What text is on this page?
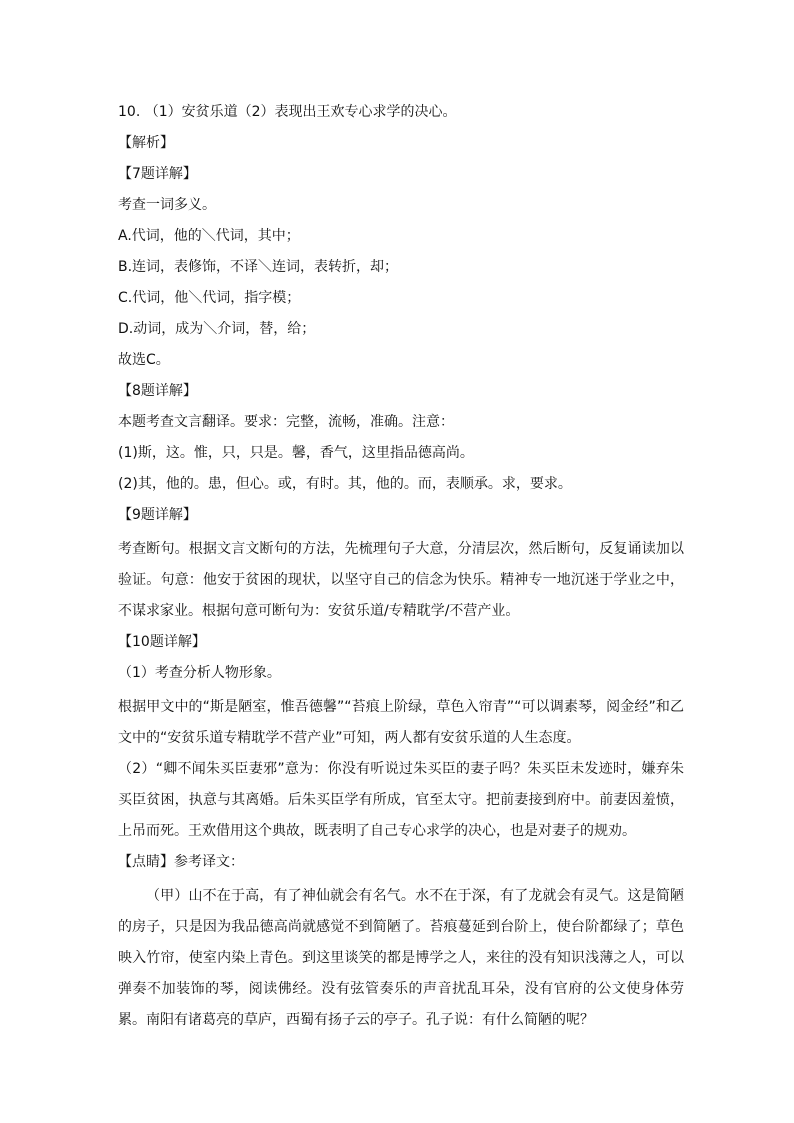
10. （1）安贫乐道（2）表现出王欢专心求学的决心。
【解析】
【7题详解】
考查一词多义。
A.代词，他的＼代词，其中；
B.连词，表修饰，不译＼连词，表转折，却；
C.代词，他＼代词，指字模；
D.动词，成为＼介词，替，给；
故选C。
【8题详解】
本题考查文言翻译。要求：完整，流畅，准确。注意：
(1)斯，这。惟，只，只是。馨，香气，这里指品德高尚。
(2)其，他的。患，但心。或，有时。其，他的。而，表顺承。求，要求。
【9题详解】
考查断句。根据文言文断句的方法，先梳理句子大意，分清层次，然后断句，反复诵读加以验证。句意：他安于贫困的现状，以坚守自己的信念为快乐。精神专一地沉迷于学业之中，不谋求家业。根据句意可断句为：安贫乐道/专精耽学/不营产业。
【10题详解】
（1）考查分析人物形象。
根据甲文中的“斯是陋室，惟吾德馨”“苔痕上阶绿，草色入帘青”“可以调素琴，阅金经”和乙文中的“安贫乐道专精耽学不营产业”可知，两人都有安贫乐道的人生态度。
（2）“卿不闻朱买臣妻邪”意为：你没有听说过朱买臣的妻子吗？朱买臣未发迹时，嫌弃朱买臣贫困，执意与其离婚。后朱买臣学有所成，官至太守。把前妻接到府中。前妻因羞愤，上吊而死。王欢借用这个典故，既表明了自己专心求学的决心，也是对妻子的规劝。
【点睛】参考译文：
（甲）山不在于高，有了神仙就会有名气。水不在于深，有了龙就会有灵气。这是简陋的房子，只是因为我品德高尚就感觉不到简陋了。苔痕蔓延到台阶上，使台阶都绿了；草色映入竹帘，使室内染上青色。到这里谈笑的都是博学之人，来往的没有知识浅薄之人，可以弹奏不加装饰的琴，阅读佛经。没有弦管奏乐的声音扰乱耳朵，没有官府的公文使身体劳累。南阳有诸葛亮的草庐，西蜀有扬子云的亭子。孔子说：有什么简陋的呢？
